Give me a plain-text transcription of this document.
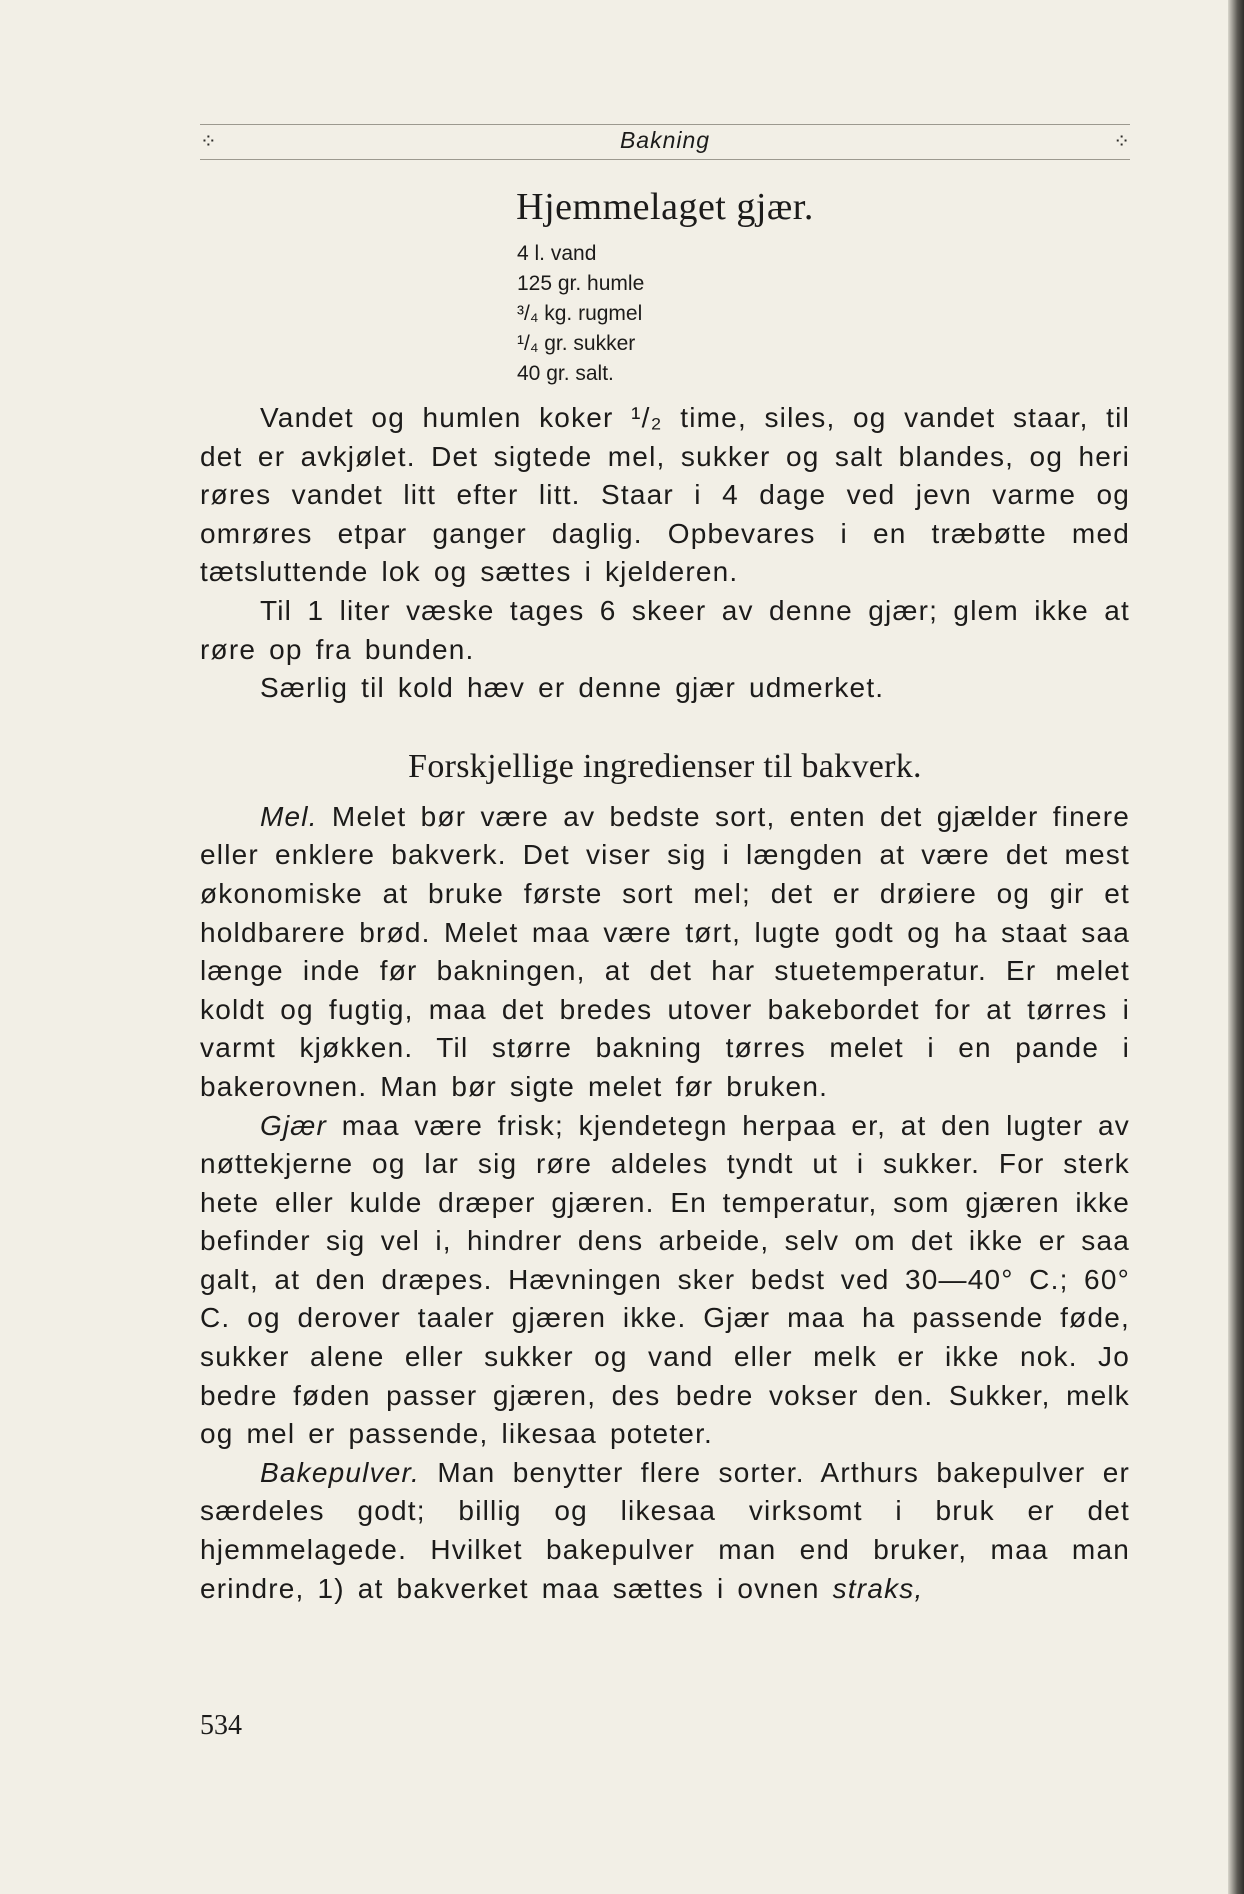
⁘	Bakning	⁘
Hjemmelaget gjær.
4 l. vand
125 gr. humle
³/₄ kg. rugmel
¹/₄ gr. sukker
40 gr. salt.

Vandet og humlen koker ¹/₂ time, siles, og vandet staar, til det er avkjølet. Det sigtede mel, sukker og salt blandes, og heri røres vandet litt efter litt. Staar i 4 dage ved jevn varme og omrøres etpar ganger daglig. Opbevares i en træbøtte med tætsluttende lok og sættes i kjelderen.

Til 1 liter væske tages 6 skeer av denne gjær; glem ikke at røre op fra bunden.

Særlig til kold hæv er denne gjær udmerket.

Forskjellige ingredienser til bakverk.

Mel. Melet bør være av bedste sort, enten det gjælder finere eller enklere bakverk. Det viser sig i længden at være det mest økonomiske at bruke første sort mel; det er drøiere og gir et holdbarere brød. Melet maa være tørt, lugte godt og ha staat saa længe inde før bakningen, at det har stuetemperatur. Er melet koldt og fugtig, maa det bredes utover bakebordet for at tørres i varmt kjøkken. Til større bakning tørres melet i en pande i bakerovnen. Man bør sigte melet før bruken.

Gjær maa være frisk; kjendetegn herpaa er, at den lugter av nøttekjerne og lar sig røre aldeles tyndt ut i sukker. For sterk hete eller kulde dræper gjæren. En temperatur, som gjæren ikke befinder sig vel i, hindrer dens arbeide, selv om det ikke er saa galt, at den dræpes. Hævningen sker bedst ved 30—40° C.; 60° C. og derover taaler gjæren ikke. Gjær maa ha passende føde, sukker alene eller sukker og vand eller melk er ikke nok. Jo bedre føden passer gjæren, des bedre vokser den. Sukker, melk og mel er passende, likesaa poteter.

Bakepulver. Man benytter flere sorter. Arthurs bakepulver er særdeles godt; billig og likesaa virksomt i bruk er det hjemmelagede. Hvilket bakepulver man end bruker, maa man erindre, 1) at bakverket maa sættes i ovnen straks,

534
